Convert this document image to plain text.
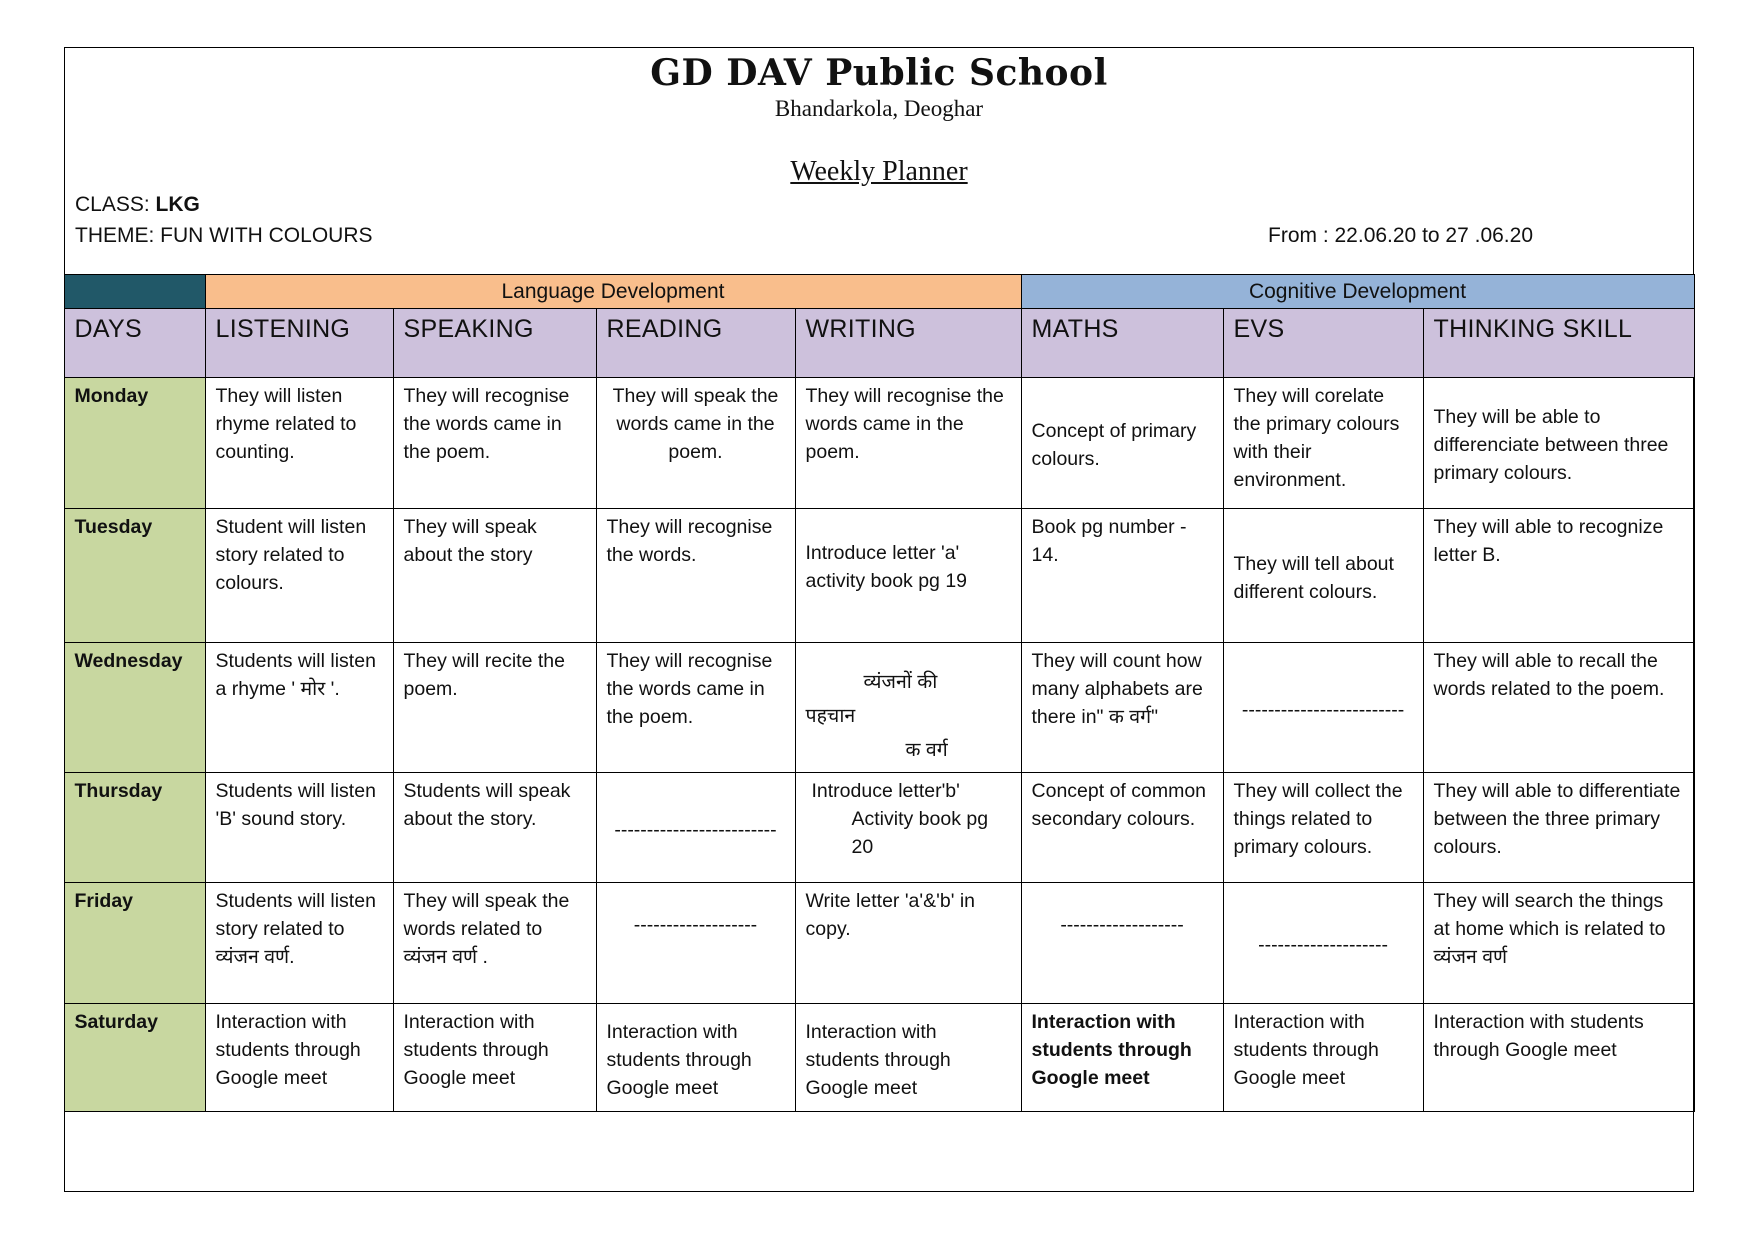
GD DAV Public School
Bhandarkola, Deoghar
Weekly Planner
CLASS: LKG
THEME: FUN WITH COLOURS	From : 22.06.20 to 27 .06.20
	Language Development				Cognitive Development		
DAYS	LISTENING	SPEAKING	READING	WRITING	MATHS	EVS	THINKING SKILL
Monday	They will listen rhyme related to counting.	They will recognise the words came in the poem.	They will speak the words came in the poem.	They will recognise the words came in the poem.	Concept of primary colours.	They will corelate the primary colours with their environment.	They will be able to differenciate between three primary colours.
Tuesday	Student will listen story related to colours.	They will speak about the story	They will recognise the words.	Introduce letter 'a' activity book pg 19	Book pg number - 14.	They will tell about different colours.	They will able to recognize letter B.
Wednesday	Students will listen a rhyme ' मोर '.	They will recite the poem.	They will recognise the words came in the poem.	व्यंजनों की
पहचान
क वर्ग	They will count how many alphabets are there in" क वर्ग"	-------------------------	They will able to recall the words related to the poem.
Thursday	Students will listen 'B' sound story.	Students will speak about the story.	-------------------------	Introduce letter'b'
Activity book pg 20	Concept of common secondary colours.	They will collect the things related to primary colours.	They will able to differentiate between the three primary colours.
Friday	Students will listen story related to व्यंजन वर्ण.	They will speak the words related to व्यंजन वर्ण .	-------------------	Write letter 'a'&'b' in copy.	-------------------	--------------------	They will search the things at home which is related to व्यंजन वर्ण
Saturday	Interaction with students through Google meet	Interaction with students through Google meet	Interaction with students through Google meet	Interaction with students through Google meet	Interaction with students through Google meet	Interaction with students through Google meet	Interaction with students through Google meet
